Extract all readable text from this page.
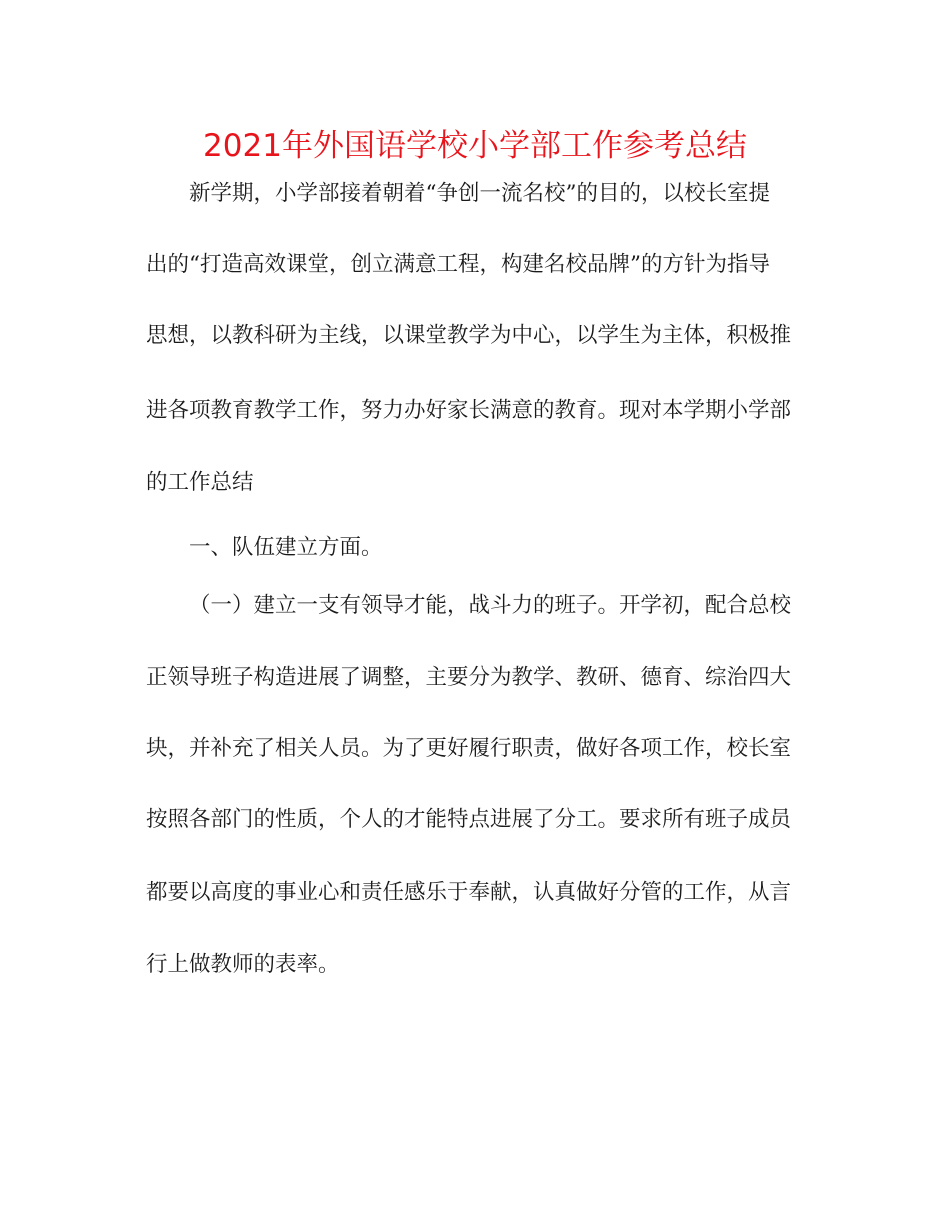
2021年外国语学校小学部工作参考总结
新学期，小学部接着朝着“争创一流名校”的目的，以校长室提
出的“打造高效课堂，创立满意工程，构建名校品牌”的方针为指导
思想，以教科研为主线，以课堂教学为中心，以学生为主体，积极推
进各项教育教学工作，努力办好家长满意的教育。现对本学期小学部
的工作总结
一、队伍建立方面。
（一）建立一支有领导才能，战斗力的班子。开学初，配合总校
正领导班子构造进展了调整，主要分为教学、教研、德育、综治四大
块，并补充了相关人员。为了更好履行职责，做好各项工作，校长室
按照各部门的性质，个人的才能特点进展了分工。要求所有班子成员
都要以高度的事业心和责任感乐于奉献，认真做好分管的工作，从言
行上做教师的表率。
